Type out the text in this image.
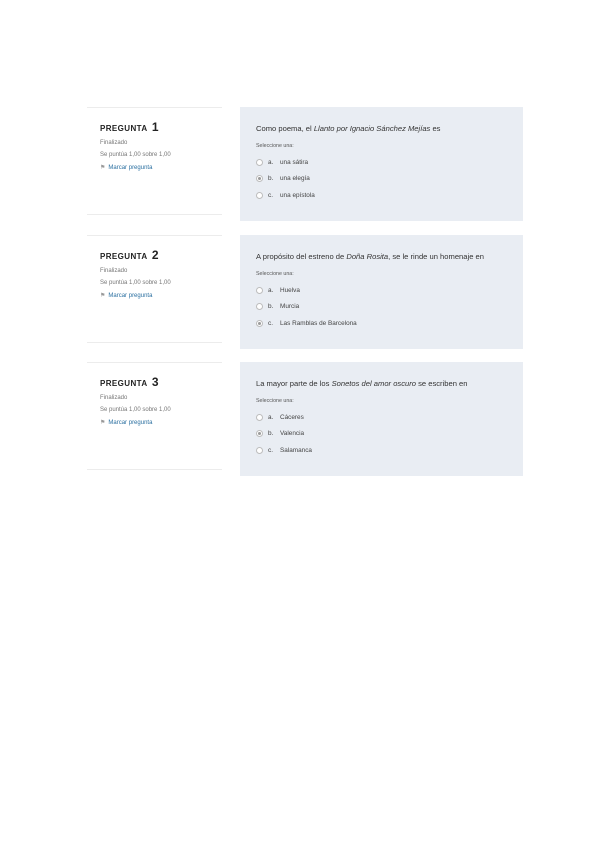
PREGUNTA 1
Finalizado
Se puntúa 1,00 sobre 1,00
⚑ Marcar pregunta
Como poema, el Llanto por Ignacio Sánchez Mejías es
Seleccione una:
a.	una sátira
b.	una elegía
c.	una epístola
PREGUNTA 2
Finalizado
Se puntúa 1,00 sobre 1,00
⚑ Marcar pregunta
A propósito del estreno de Doña Rosita, se le rinde un homenaje en
Seleccione una:
a.	Huelva
b.	Murcia
c.	Las Ramblas de Barcelona
PREGUNTA 3
Finalizado
Se puntúa 1,00 sobre 1,00
⚑ Marcar pregunta
La mayor parte de los Sonetos del amor oscuro se escriben en
Seleccione una:
a.	Cáceres
b.	Valencia
c.	Salamanca
